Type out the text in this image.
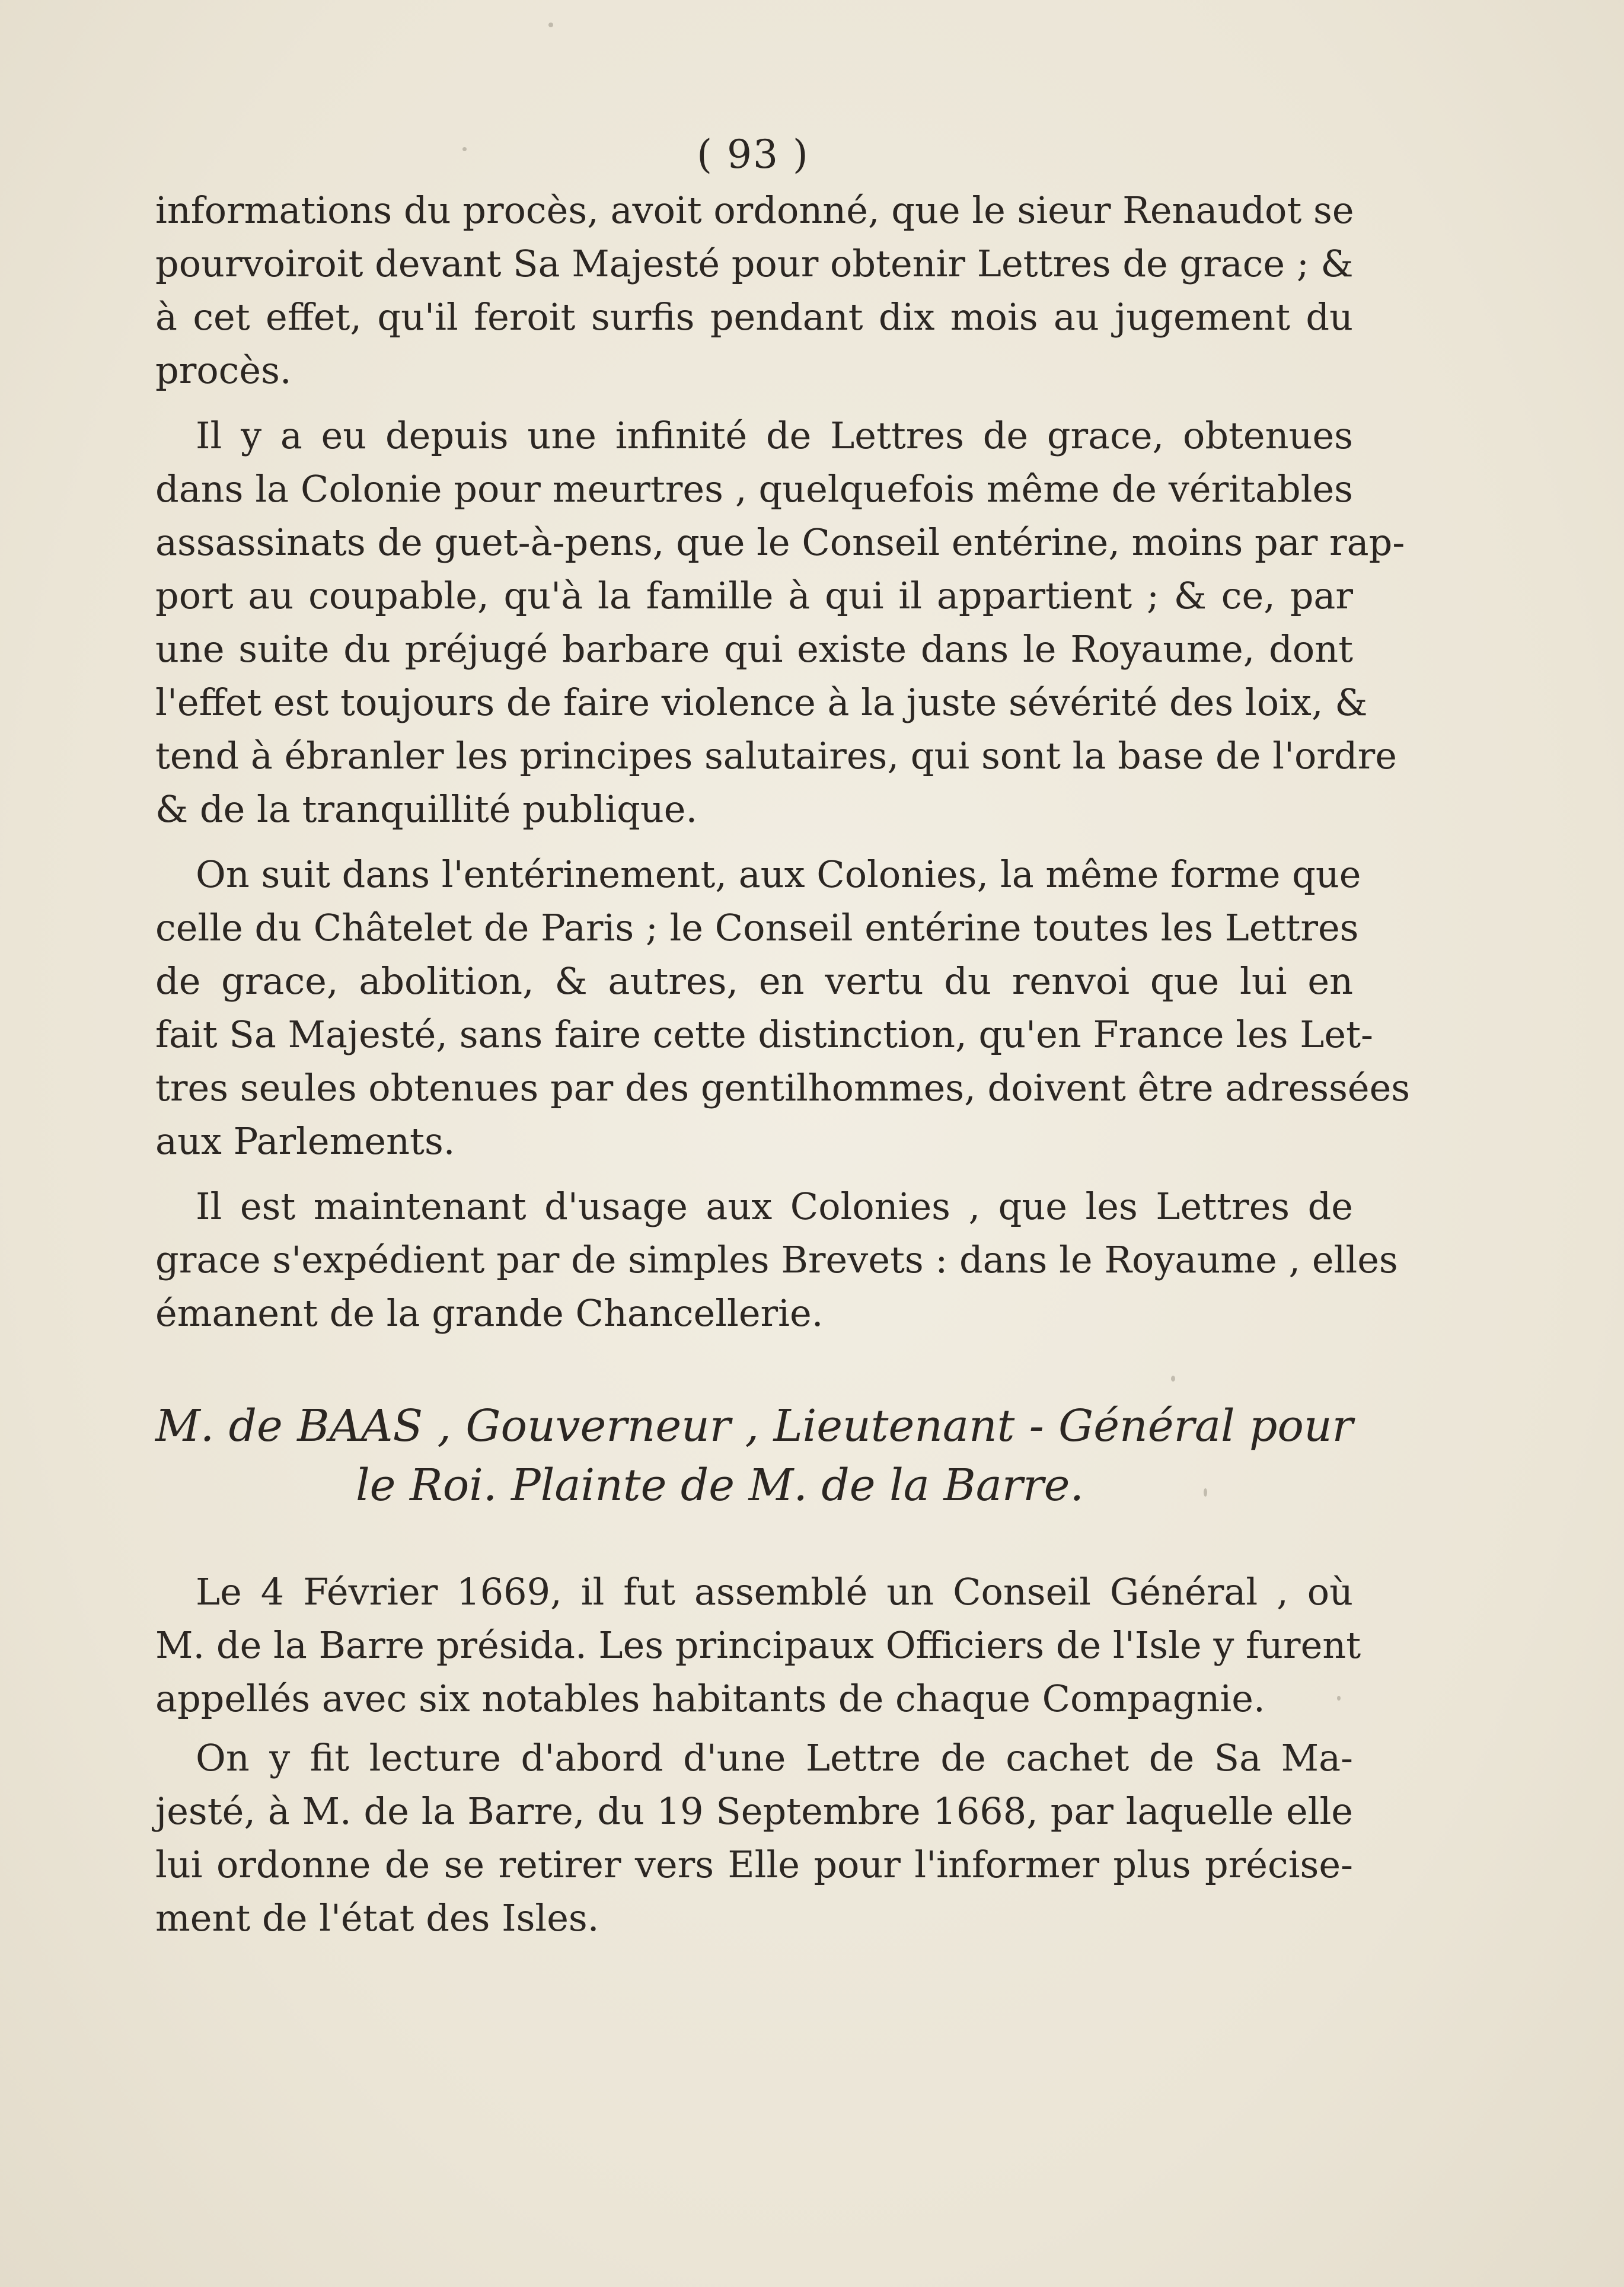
( 93 )
informations du procès, avoit ordonné, que le sieur Renaudot se
pourvoiroit devant Sa Majesté pour obtenir Lettres de grace ; &
à cet effet, qu'il feroit surfis pendant dix mois au jugement du
procès.
Il y a eu depuis une infinité de Lettres de grace, obtenues
dans la Colonie pour meurtres , quelquefois même de véritables
assassinats de guet-à-pens, que le Conseil entérine, moins par rap-
port au coupable, qu'à la famille à qui il appartient ; & ce, par
une suite du préjugé barbare qui existe dans le Royaume, dont
l'effet est toujours de faire violence à la juste sévérité des loix, &
tend à ébranler les principes salutaires, qui sont la base de l'ordre
& de la tranquillité publique.
On suit dans l'entérinement, aux Colonies, la même forme que
celle du Châtelet de Paris ; le Conseil entérine toutes les Lettres
de grace, abolition, & autres, en vertu du renvoi que lui en
fait Sa Majesté, sans faire cette distinction, qu'en France les Let-
tres seules obtenues par des gentilhommes, doivent être adressées
aux Parlements.
Il est maintenant d'usage aux Colonies , que les Lettres de
grace s'expédient par de simples Brevets : dans le Royaume , elles
émanent de la grande Chancellerie.
M. de BAAS , Gouverneur , Lieutenant - Général pour
le Roi. Plainte de M. de la Barre.
Le 4 Février 1669, il fut assemblé un Conseil Général , où
M. de la Barre présida. Les principaux Officiers de l'Isle y furent
appellés avec six notables habitants de chaque Compagnie.
On y fit lecture d'abord d'une Lettre de cachet de Sa Ma-
jesté, à M. de la Barre, du 19 Septembre 1668, par laquelle elle
lui ordonne de se retirer vers Elle pour l'informer plus précise-
ment de l'état des Isles.
